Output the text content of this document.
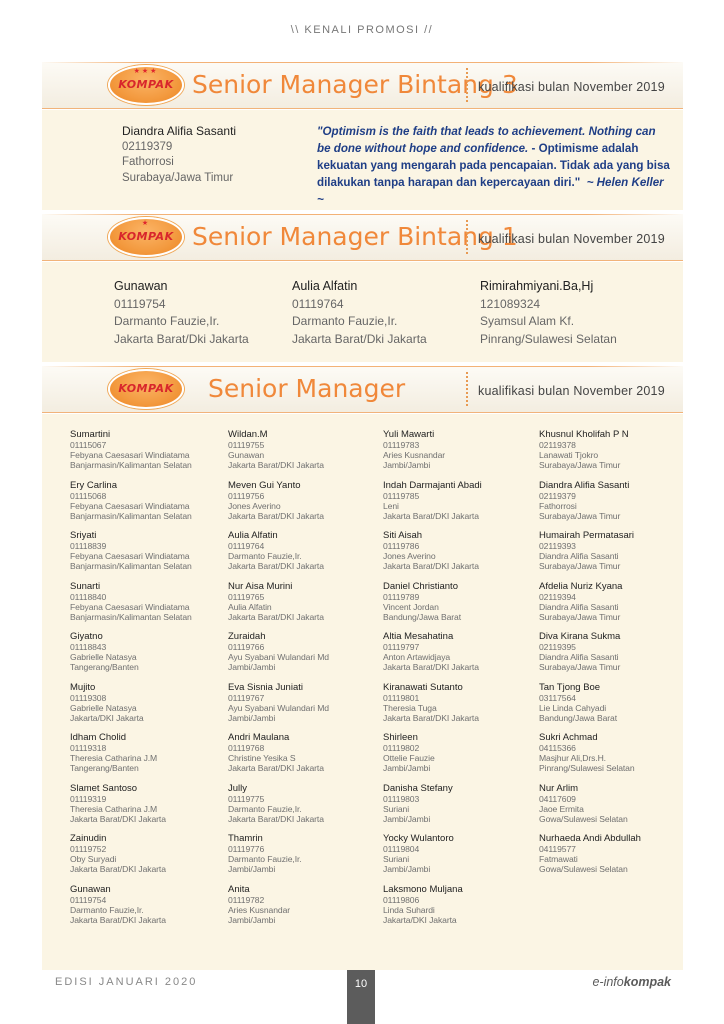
\\ KENALI PROMOSI //
★★★
KOMPAK Senior Manager Bintang 3
kualifikasi bulan November 2019
Diandra Alifia Sasanti
02119379
Fathorrosi
Surabaya/Jawa Timur
"Optimism is the faith that leads to achievement. Nothing can be done without hope and confidence. - Optimisme adalah kekuatan yang mengarah pada pencapaian. Tidak ada yang bisa dilakukan tanpa harapan dan kepercayaan diri." ~ Helen Keller ~
★
KOMPAK Senior Manager Bintang 1
kualifikasi bulan November 2019
Gunawan
01119754
Darmanto Fauzie,Ir.
Jakarta Barat/Dki Jakarta
Aulia Alfatin
01119764
Darmanto Fauzie,Ir.
Jakarta Barat/Dki Jakarta
Rimirahmiyani.Ba,Hj
121089324
Syamsul Alam Kf.
Pinrang/Sulawesi Selatan
KOMPAK	Senior Manager	kualifikasi bulan November 2019
Sumartini
01115067
Febyana Caesasari Windiatama
Banjarmasin/Kalimantan Selatan
Ery Carlina
01115068
Febyana Caesasari Windiatama
Banjarmasin/Kalimantan Selatan
Sriyati
01118839
Febyana Caesasari Windiatama
Banjarmasin/Kalimantan Selatan
Sunarti
01118840
Febyana Caesasari Windiatama
Banjarmasin/Kalimantan Selatan
Giyatno
01118843
Gabrielle Natasya
Tangerang/Banten
Mujito
01119308
Gabrielle Natasya
Jakarta/DKI Jakarta
Idham Cholid
01119318
Theresia Catharina J.M
Tangerang/Banten
Slamet Santoso
01119319
Theresia Catharina J.M
Jakarta Barat/DKI Jakarta
Zainudin
01119752
Oby Suryadi
Jakarta Barat/DKI Jakarta
Gunawan
01119754
Darmanto Fauzie,Ir.
Jakarta Barat/DKI Jakarta
Wildan.M
01119755
Gunawan
Jakarta Barat/DKI Jakarta
Meven Gui Yanto
01119756
Jones Averino
Jakarta Barat/DKI Jakarta
Aulia Alfatin
01119764
Darmanto Fauzie,Ir.
Jakarta Barat/DKI Jakarta
Nur Aisa Murini
01119765
Aulia Alfatin
Jakarta Barat/DKI Jakarta
Zuraidah
01119766
Ayu Syabani Wulandari Md
Jambi/Jambi
Eva Sisnia Juniati
01119767
Ayu Syabani Wulandari Md
Jambi/Jambi
Andri Maulana
01119768
Christine Yesika S
Jakarta Barat/DKI Jakarta
Jully
01119775
Darmanto Fauzie,Ir.
Jakarta Barat/DKI Jakarta
Thamrin
01119776
Darmanto Fauzie,Ir.
Jambi/Jambi
Anita
01119782
Aries Kusnandar
Jambi/Jambi
Yuli Mawarti
01119783
Aries Kusnandar
Jambi/Jambi
Indah Darmajanti Abadi
01119785
Leni
Jakarta Barat/DKI Jakarta
Siti Aisah
01119786
Jones Averino
Jakarta Barat/DKI Jakarta
Daniel Christianto
01119789
Vincent Jordan
Bandung/Jawa Barat
Altia Mesahatina
01119797
Anton Artawidjaya
Jakarta Barat/DKI Jakarta
Kiranawati Sutanto
01119801
Theresia Tuga
Jakarta Barat/DKI Jakarta
Shirleen
01119802
Ottelie Fauzie
Jambi/Jambi
Danisha Stefany
01119803
Suriani
Jambi/Jambi
Yocky Wulantoro
01119804
Suriani
Jambi/Jambi
Laksmono Muljana
01119806
Linda Suhardi
Jakarta/DKI Jakarta
Khusnul Kholifah P N
02119378
Lanawati Tjokro
Surabaya/Jawa Timur
Diandra Alifia Sasanti
02119379
Fathorrosi
Surabaya/Jawa Timur
Humairah Permatasari
02119393
Diandra Alifia Sasanti
Surabaya/Jawa Timur
Afdelia Nuriz Kyana
02119394
Diandra Alifia Sasanti
Surabaya/Jawa Timur
Diva Kirana Sukma
02119395
Diandra Alifia Sasanti
Surabaya/Jawa Timur
Tan Tjong Boe
03117564
Lie Linda Cahyadi
Bandung/Jawa Barat
Sukri Achmad
04115366
Masjhur Ali,Drs.H.
Pinrang/Sulawesi Selatan
Nur Arlim
04117609
Jaoe Ermita
Gowa/Sulawesi Selatan
Nurhaeda Andi Abdullah
04119577
Fatmawati
Gowa/Sulawesi Selatan
EDISI JANUARI 2020	10	e-infokompak
